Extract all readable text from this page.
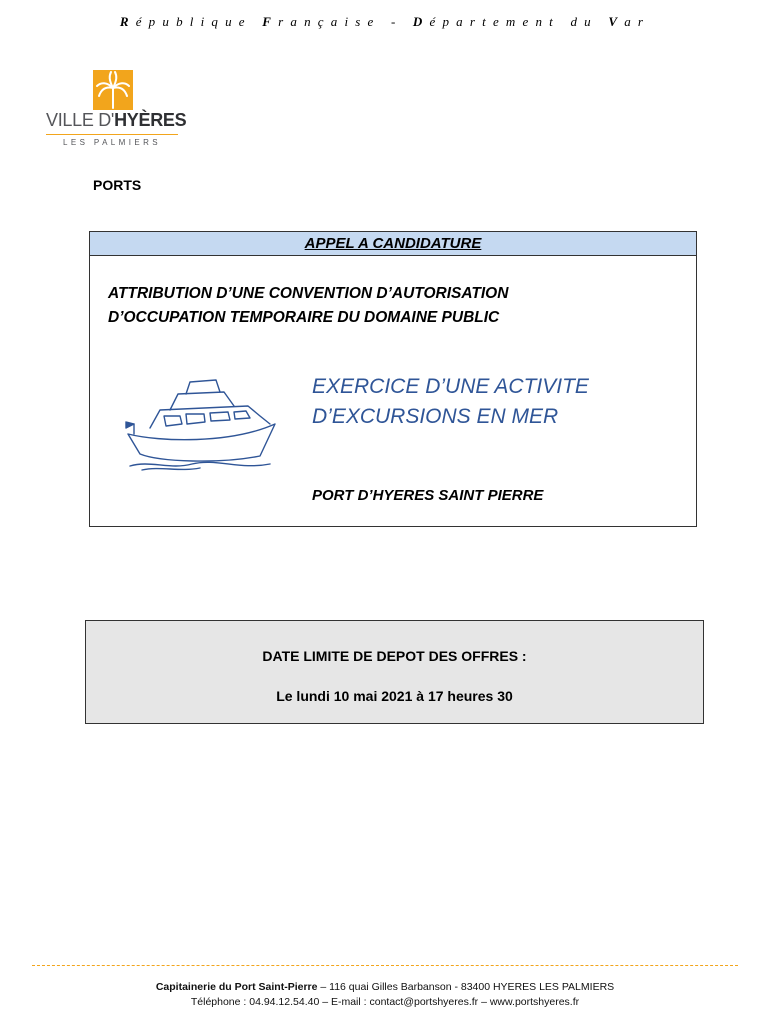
République Française - Département du Var
VILLE D'HYÈRES
LES PALMIERS
PORTS
APPEL A CANDIDATURE
ATTRIBUTION D’UNE CONVENTION D’AUTORISATION
D’OCCUPATION TEMPORAIRE DU DOMAINE PUBLIC
EXERCICE D’UNE ACTIVITE
D’EXCURSIONS EN MER
PORT D’HYERES SAINT PIERRE
DATE LIMITE DE DEPOT DES OFFRES :
Le lundi 10 mai 2021 à 17 heures 30
Capitainerie du Port Saint-Pierre – 116 quai Gilles Barbanson - 83400 HYERES LES PALMIERS
Téléphone : 04.94.12.54.40 – E-mail : contact@portshyeres.fr – www.portshyeres.fr
